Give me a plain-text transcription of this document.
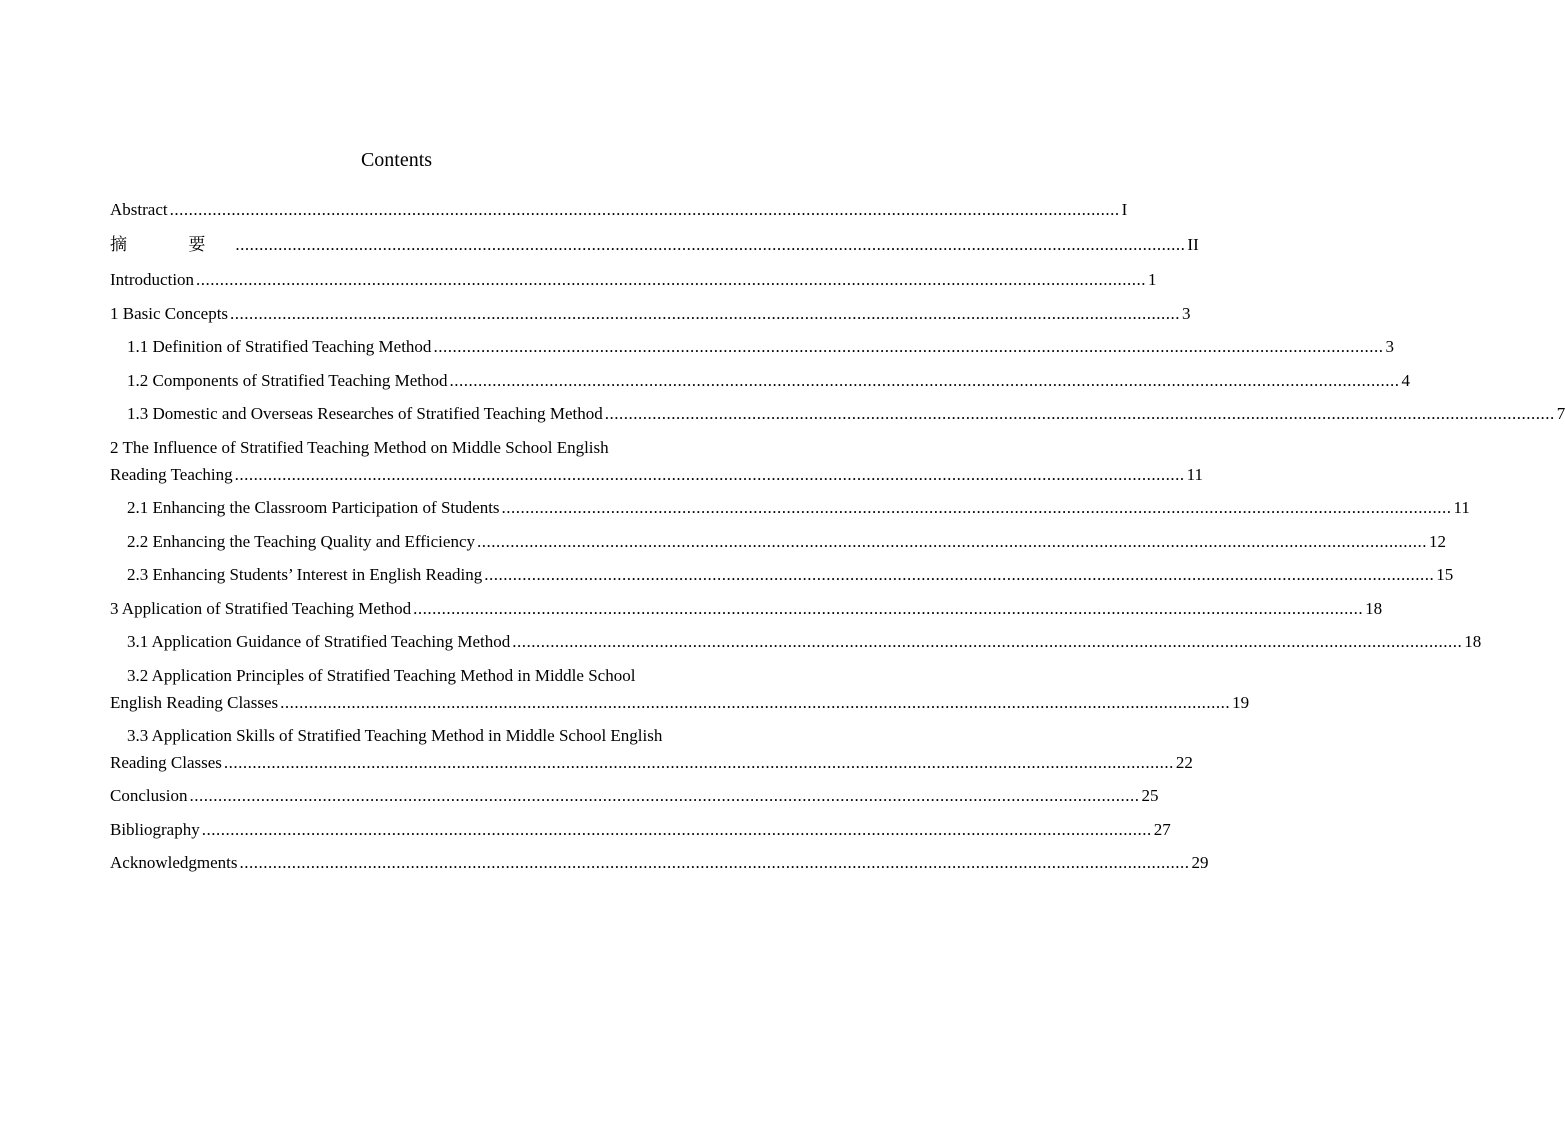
Contents
Abstract ........................................................................................................................................................................................................ I
摘 要 ........................................................................................................................................................................................................ II
Introduction ........................................................................................................................................................................................................ 1
1 Basic Concepts ........................................................................................................................................................................................................ 3
1.1 Definition of Stratified Teaching Method ........................................................................................................................................................................................................ 3
1.2 Components of Stratified Teaching Method ........................................................................................................................................................................................................ 4
1.3 Domestic and Overseas Researches of Stratified Teaching Method ........................................................................................................................................................................................................ 7
2 The Influence of Stratified Teaching Method on Middle School English
Reading Teaching ........................................................................................................................................................................................................ 11
2.1 Enhancing the Classroom Participation of Students ........................................................................................................................................................................................................ 11
2.2 Enhancing the Teaching Quality and Efficiency ........................................................................................................................................................................................................ 12
2.3 Enhancing Students’ Interest in English Reading ........................................................................................................................................................................................................ 15
3 Application of Stratified Teaching Method ........................................................................................................................................................................................................ 18
3.1 Application Guidance of Stratified Teaching Method ........................................................................................................................................................................................................ 18
3.2 Application Principles of Stratified Teaching Method in Middle School
English Reading Classes ........................................................................................................................................................................................................ 19
3.3 Application Skills of Stratified Teaching Method in Middle School English
Reading Classes ........................................................................................................................................................................................................ 22
Conclusion ........................................................................................................................................................................................................ 25
Bibliography ........................................................................................................................................................................................................ 27
Acknowledgments ........................................................................................................................................................................................................ 29
